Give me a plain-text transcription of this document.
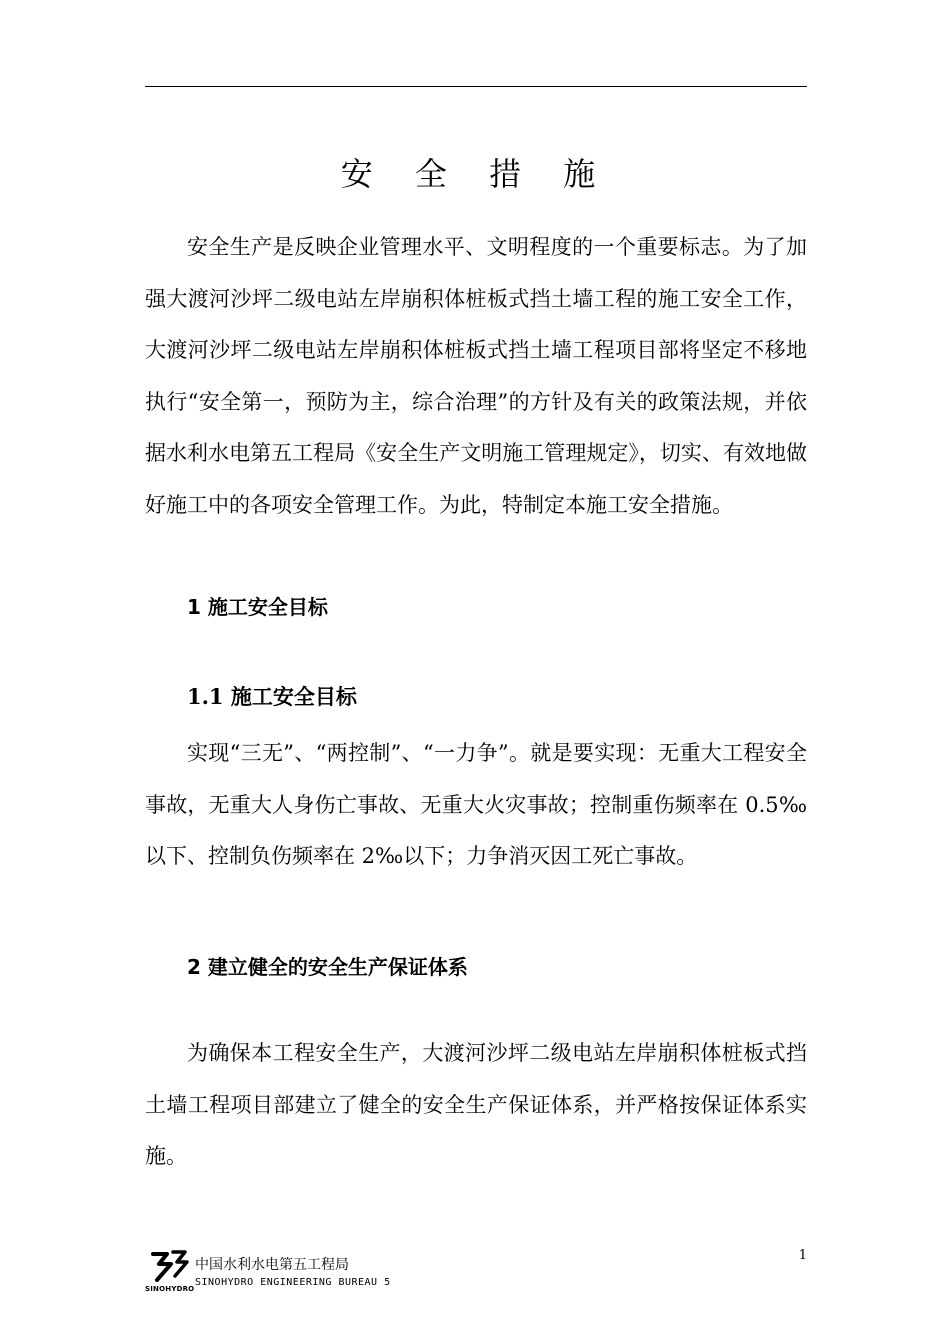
安 全 措 施

安全生产是反映企业管理水平、文明程度的一个重要标志。为了加强大渡河沙坪二级电站左岸崩积体桩板式挡土墙工程的施工安全工作，大渡河沙坪二级电站左岸崩积体桩板式挡土墙工程项目部将坚定不移地执行“安全第一，预防为主，综合治理”的方针及有关的政策法规，并依据水利水电第五工程局《安全生产文明施工管理规定》，切实、有效地做好施工中的各项安全管理工作。为此，特制定本施工安全措施。

1 施工安全目标
1.1 施工安全目标

实现“三无”、“两控制”、“一力争”。就是要实现：无重大工程安全事故，无重大人身伤亡事故、无重大火灾事故；控制重伤频率在 0.5‰以下、控制负伤频率在 2‰以下；力争消灭因工死亡事故。

2 建立健全的安全生产保证体系

为确保本工程安全生产，大渡河沙坪二级电站左岸崩积体桩板式挡土墙工程项目部建立了健全的安全生产保证体系，并严格按保证体系实施。

SINOHYDRO
中国水利水电第五工程局
SINOHYDRO ENGINEERING BUREAU 5
1
